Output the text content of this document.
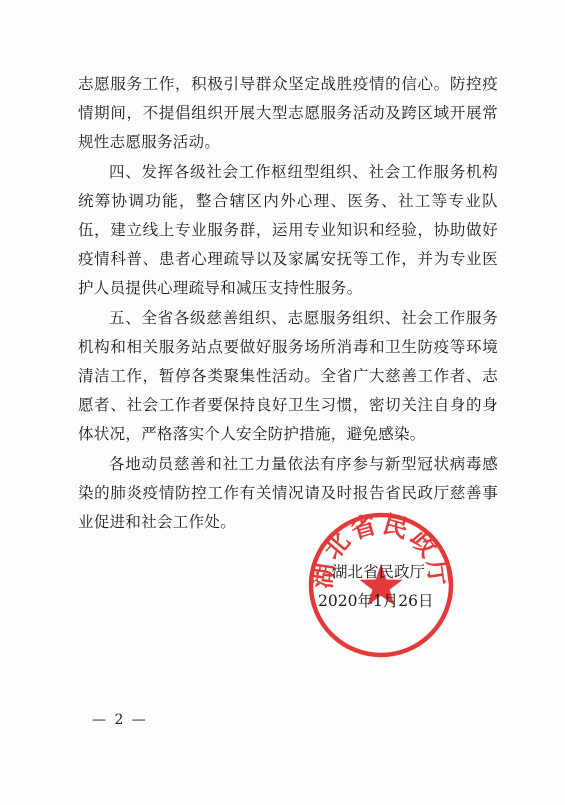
志愿服务工作，积极引导群众坚定战胜疫情的信心。防控疫情期间，不提倡组织开展大型志愿服务活动及跨区域开展常规性志愿服务活动。

四、发挥各级社会工作枢纽型组织、社会工作服务机构统筹协调功能，整合辖区内外心理、医务、社工等专业队伍，建立线上专业服务群，运用专业知识和经验，协助做好疫情科普、患者心理疏导以及家属安抚等工作，并为专业医护人员提供心理疏导和减压支持性服务。

五、全省各级慈善组织、志愿服务组织、社会工作服务机构和相关服务站点要做好服务场所消毒和卫生防疫等环境清洁工作，暂停各类聚集性活动。全省广大慈善工作者、志愿者、社会工作者要保持良好卫生习惯，密切关注自身的身体状况，严格落实个人安全防护措施，避免感染。

各地动员慈善和社工力量依法有序参与新型冠状病毒感染的肺炎疫情防控工作有关情况请及时报告省民政厅慈善事业促进和社会工作处。

湖北省民政厅
湖北省民政厅
2020年1月26日
— 2 —
